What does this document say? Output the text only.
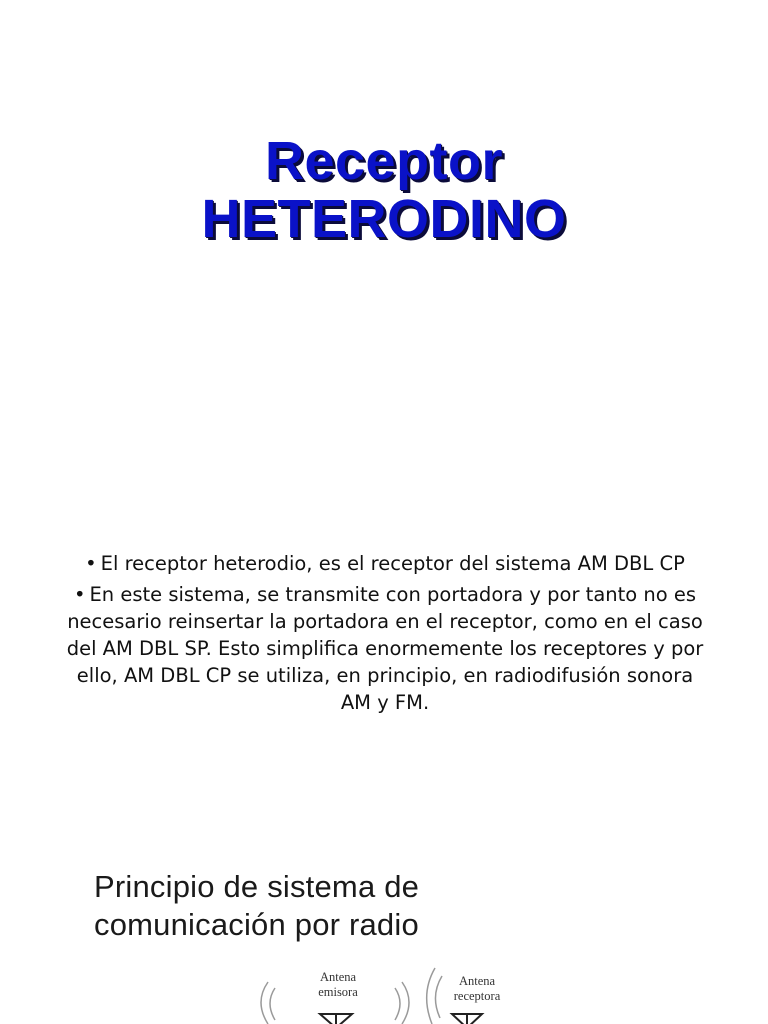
Receptor
HETERODINO
• El receptor heterodio, es el receptor del sistema AM DBL CP
• En este sistema, se transmite con portadora y por tanto no es necesario reinsertar la portadora en el receptor, como en el caso del AM DBL SP. Esto simplifica enormemente los receptores y por ello, AM DBL CP se utiliza, en principio, en radiodifusión sonora AM y FM.
Principio de sistema de
comunicación por radio
Antena
emisora
Antena
receptora
